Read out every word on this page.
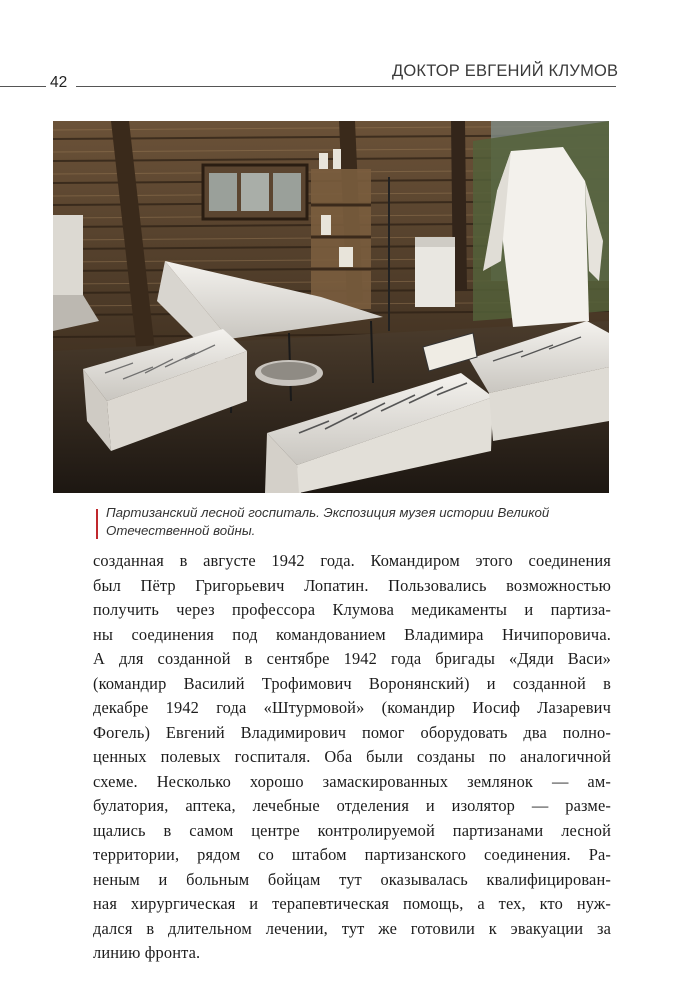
ДОКТОР ЕВГЕНИЙ КЛУМОВ
42
Партизанский лесной госпиталь. Экспозиция музея истории Великой
Отечественной войны.
созданная в августе 1942 года. Командиром этого соединения
был Пётр Григорьевич Лопатин. Пользовались возможностью
получить через профессора Клумова медикаменты и партиза-
ны соединения под командованием Владимира Ничипоровича.
А для созданной в сентябре 1942 года бригады «Дяди Васи»
(командир Василий Трофимович Воронянский) и созданной в
декабре 1942 года «Штурмовой» (командир Иосиф Лазаревич
Фогель) Евгений Владимирович помог оборудовать два полно-
ценных полевых госпиталя. Оба были созданы по аналогичной
схеме. Несколько хорошо замаскированных землянок — ам-
булатория, аптека, лечебные отделения и изолятор — разме-
щались в самом центре контролируемой партизанами лесной
территории, рядом со штабом партизанского соединения. Ра-
неным и больным бойцам тут оказывалась квалифицирован-
ная хирургическая и терапевтическая помощь, а тех, кто нуж-
дался в длительном лечении, тут же готовили к эвакуации за
линию фронта.
